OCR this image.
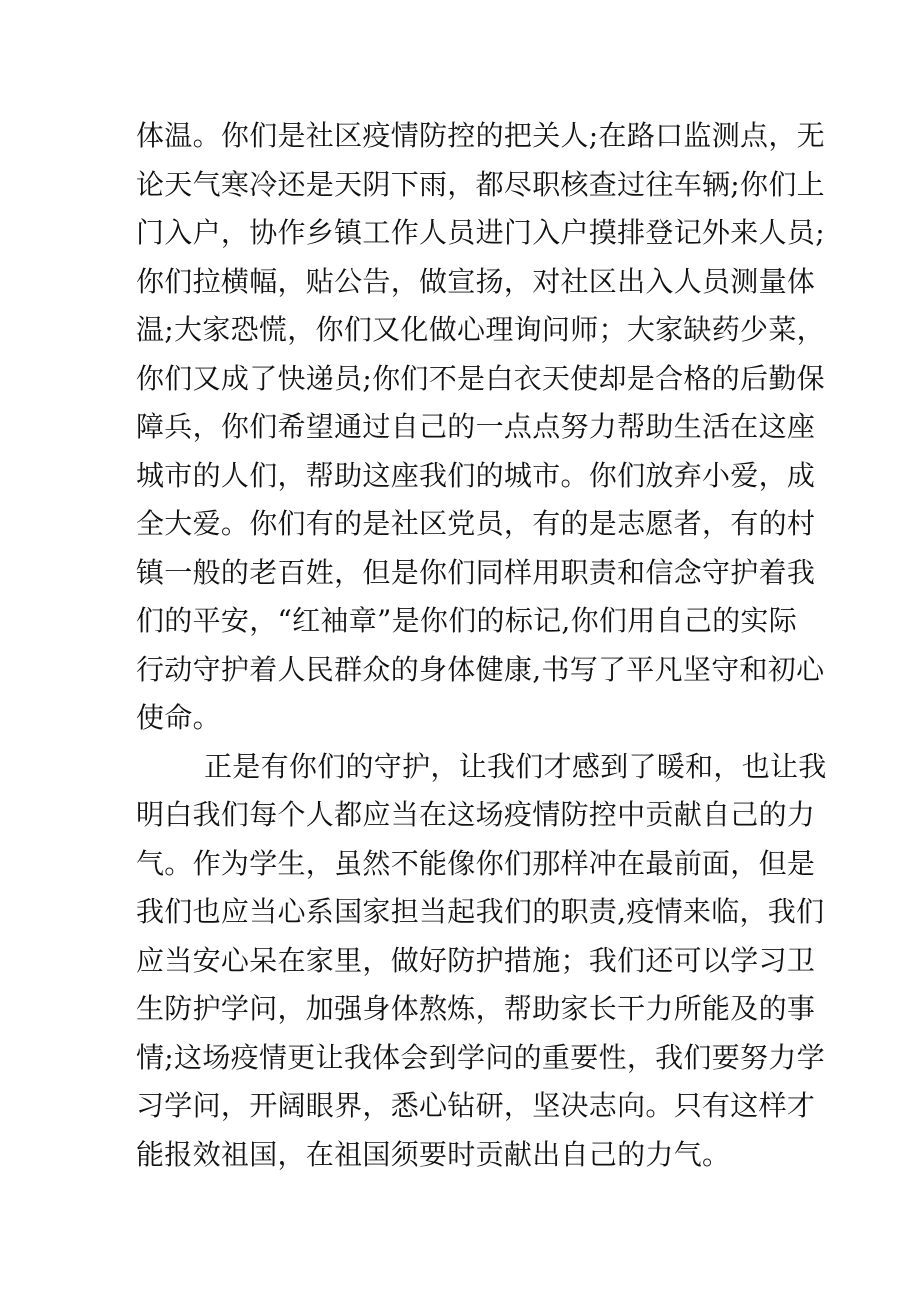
体温。你们是社区疫情防控的把关人;在路口监测点，无
论天气寒冷还是天阴下雨，都尽职核查过往车辆;你们上
门入户，协作乡镇工作人员进门入户摸排登记外来人员;
你们拉横幅，贴公告，做宣扬，对社区出入人员测量体
温;大家恐慌，你们又化做心理询问师；大家缺药少菜，
你们又成了快递员;你们不是白衣天使却是合格的后勤保
障兵，你们希望通过自己的一点点努力帮助生活在这座
城市的人们，帮助这座我们的城市。你们放弃小爱，成
全大爱。你们有的是社区党员，有的是志愿者，有的村
镇一般的老百姓，但是你们同样用职责和信念守护着我
们的平安，“红袖章”是你们的标记,你们用自己的实际
行动守护着人民群众的身体健康,书写了平凡坚守和初心
使命。
正是有你们的守护，让我们才感到了暖和，也让我
明白我们每个人都应当在这场疫情防控中贡献自己的力
气。作为学生，虽然不能像你们那样冲在最前面，但是
我们也应当心系国家担当起我们的职责,疫情来临，我们
应当安心呆在家里，做好防护措施；我们还可以学习卫
生防护学问，加强身体熬炼，帮助家长干力所能及的事
情;这场疫情更让我体会到学问的重要性，我们要努力学
习学问，开阔眼界，悉心钻研，坚决志向。只有这样才
能报效祖国，在祖国须要时贡献出自己的力气。
